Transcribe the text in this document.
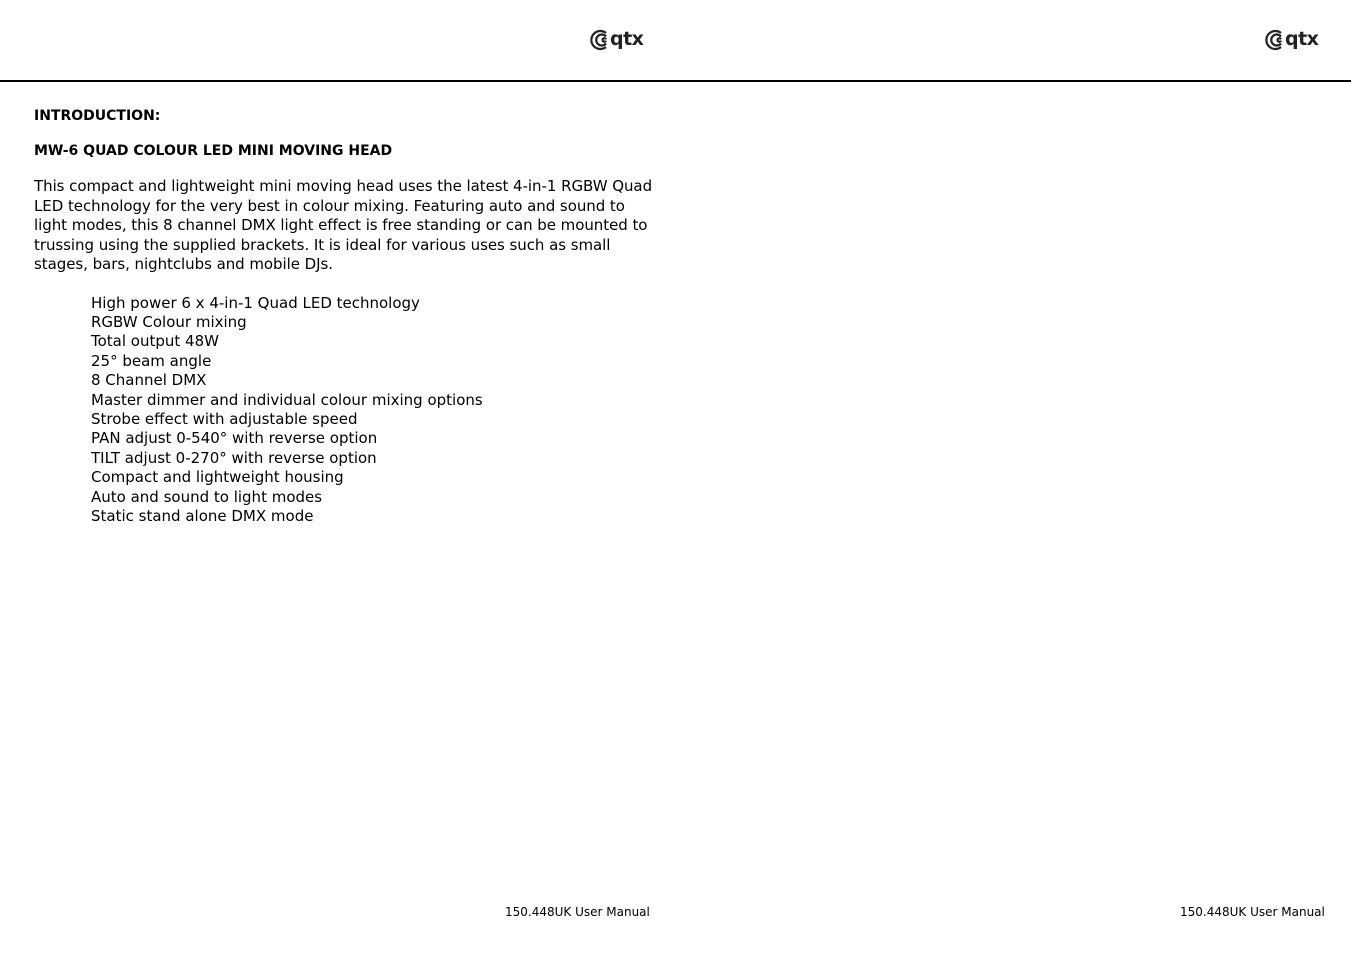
qtx	qtx
INTRODUCTION:
MW-6 QUAD COLOUR LED MINI MOVING HEAD

This compact and lightweight mini moving head uses the latest 4-in-1 RGBW Quad LED technology for the very best in colour mixing. Featuring auto and sound to light modes, this 8 channel DMX light effect is free standing or can be mounted to trussing using the supplied brackets. It is ideal for various uses such as small stages, bars, nightclubs and mobile DJs.

High power 6 x 4-in-1 Quad LED technology
RGBW Colour mixing
Total output 48W
25° beam angle
8 Channel DMX
Master dimmer and individual colour mixing options
Strobe effect with adjustable speed
PAN adjust 0-540° with reverse option
TILT adjust 0-270° with reverse option
Compact and lightweight housing
Auto and sound to light modes
Static stand alone DMX mode
150.448UK User Manual	150.448UK User Manual
